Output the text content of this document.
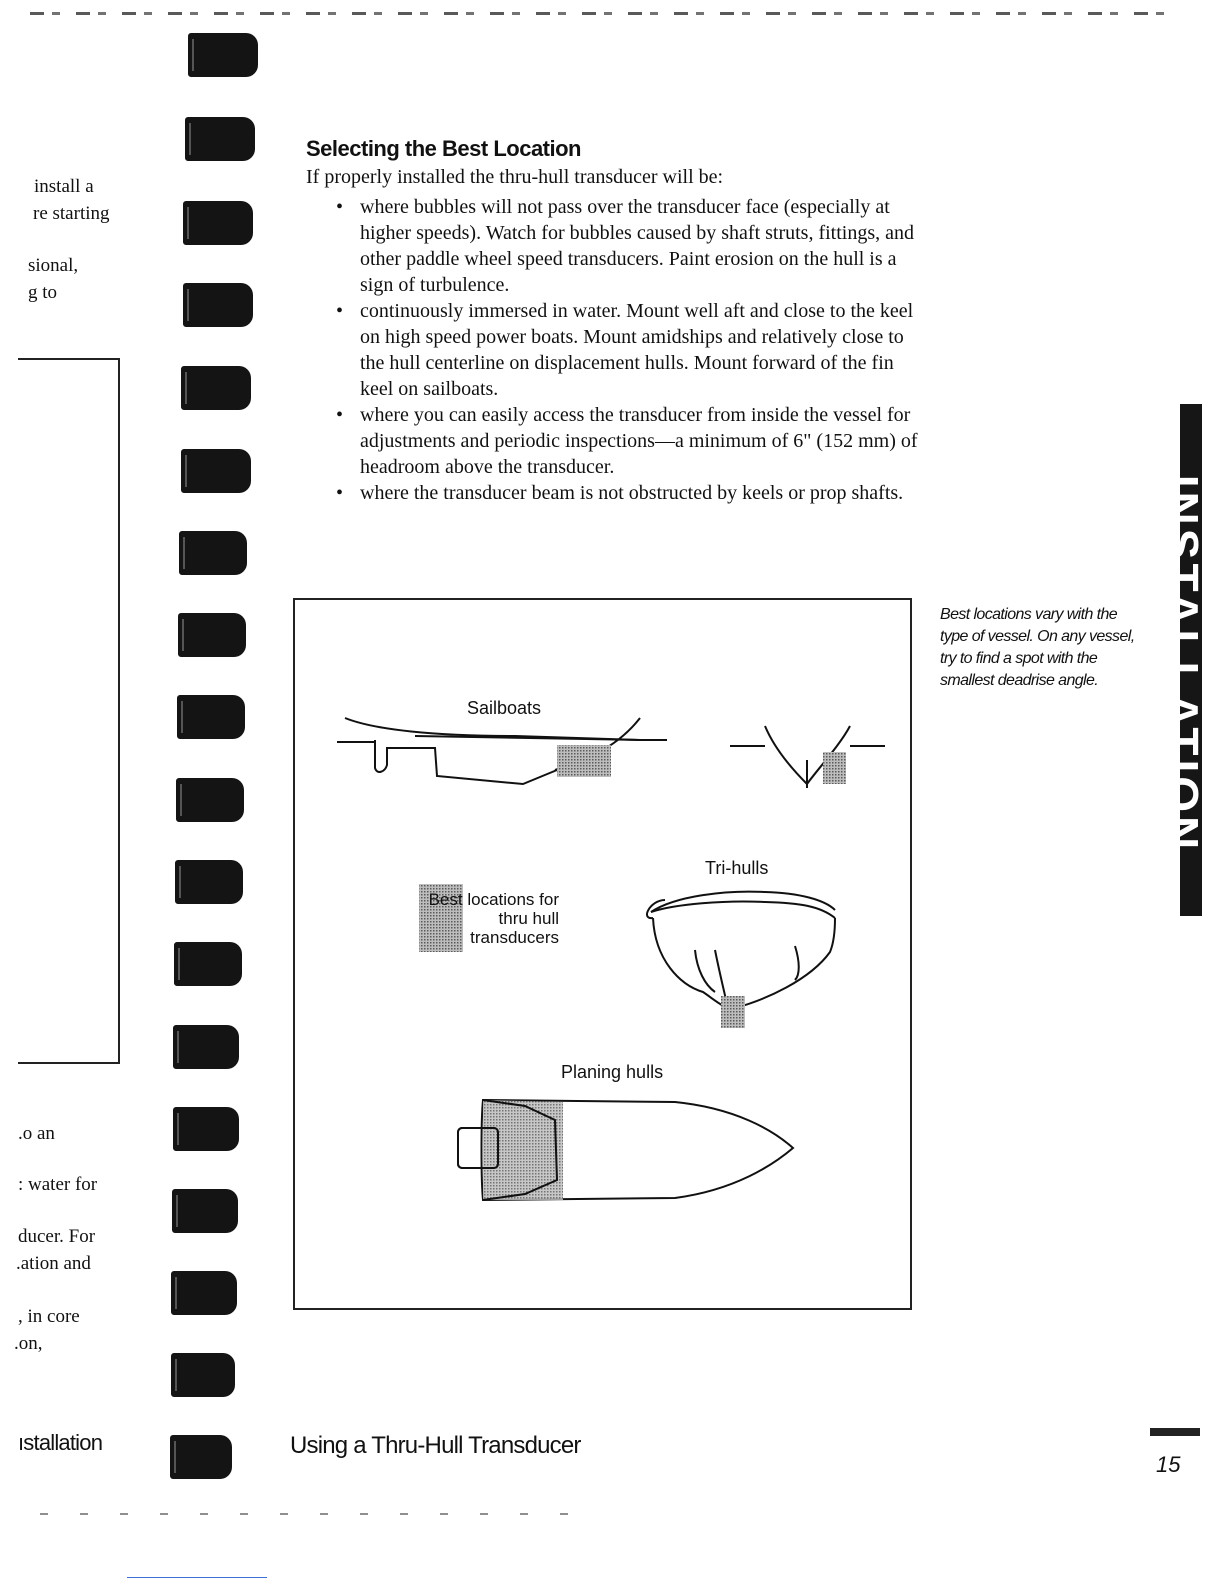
install a
re starting
sional,
g to
.o an
: water for
ducer. For
.ation and
, in core
.on,
ıstallation
Selecting the Best Location
If properly installed the thru-hull transducer will be:
• where bubbles will not pass over the transducer face (especially at higher speeds). Watch for bubbles caused by shaft struts, fittings, and other paddle wheel speed transducers. Paint erosion on the hull is a sign of turbulence.
• continuously immersed in water. Mount well aft and close to the keel on high speed power boats. Mount amidships and relatively close to the hull centerline on displacement hulls. Mount forward of the fin keel on sailboats.
• where you can easily access the transducer from inside the vessel for adjustments and periodic inspections—a minimum of 6" (152 mm) of headroom above the transducer.
• where the transducer beam is not obstructed by keels or prop shafts.
Sailboats
Tri-hulls
Planing hulls
Best locations for
thru hull
transducers
Best locations vary with the type of vessel. On any vessel, try to find a spot with the smallest deadrise angle.	INSTALLATION
Using a Thru-Hull Transducer
15
